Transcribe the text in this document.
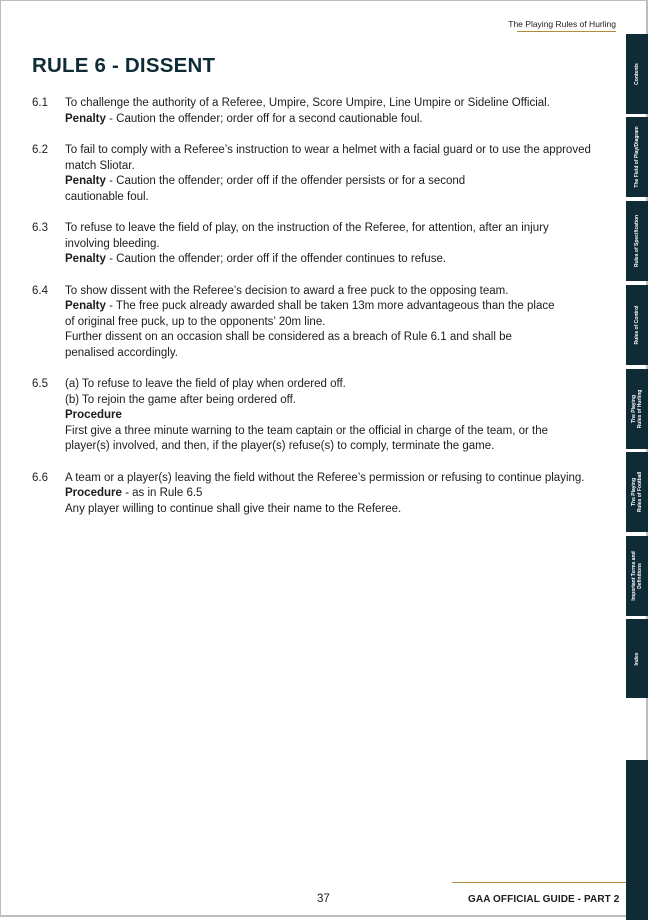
The Playing Rules of Hurling
RULE 6 - DISSENT
6.1 To challenge the authority of a Referee, Umpire, Score Umpire, Line Umpire or Sideline Official.

Penalty - Caution the offender; order off for a second cautionable foul.

6.2 To fail to comply with a Referee’s instruction to wear a helmet with a facial guard or to use the approved match Sliotar.

Penalty - Caution the offender; order off if the offender persists or for a second cautionable foul.

6.3 To refuse to leave the field of play, on the instruction of the Referee, for attention, after an injury involving bleeding.

Penalty - Caution the offender; order off if the offender continues to refuse.

6.4 To show dissent with the Referee’s decision to award a free puck to the opposing team.

Penalty - The free puck already awarded shall be taken 13m more advantageous than the place of original free puck, up to the opponents’ 20m line.

Further dissent on an occasion shall be considered as a breach of Rule 6.1 and shall be penalised accordingly.

6.5 (a) To refuse to leave the field of play when ordered off.

(b) To rejoin the game after being ordered off.

Procedure

First give a three minute warning to the team captain or the official in charge of the team, or the player(s) involved, and then, if the player(s) refuse(s) to comply, terminate the game.

6.6 A team or a player(s) leaving the field without the Referee’s permission or refusing to continue playing.

Procedure - as in Rule 6.5

Any player willing to continue shall give their name to the Referee.

Contents
The Field of Play/Diagram
Rules of Specification
Rules of Control
The Playing
Rules of Hurling
The Playing
Rules of Football
Important Terms and
Definitions
Index
37	GAA OFFICIAL GUIDE - PART 2
